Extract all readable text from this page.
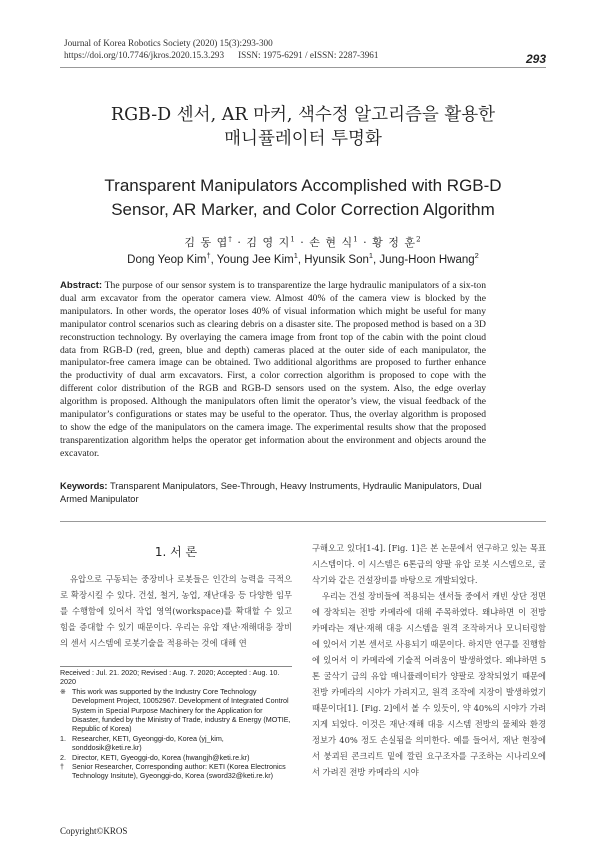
Journal of Korea Robotics Society (2020) 15(3):293-300
https://doi.org/10.7746/jkros.2020.15.3.293 ISSN: 1975-6291 / eISSN: 2287-3961	293
RGB-D 센서, AR 마커, 색수정 알고리즘을 활용한
매니퓰레이터 투명화
Transparent Manipulators Accomplished with RGB-D
Sensor, AR Marker, and Color Correction Algorithm
김 동 엽† · 김 영 지$^1$ · 손 현 식$^1$ · 황 정 훈$^2$
Dong Yeop Kim†, Young Jee Kim$^1$, Hyunsik Son$^1$, Jung-Hoon Hwang$^2$
Abstract: The purpose of our sensor system is to transparentize the large hydraulic manipulators of a six-ton dual arm excavator from the operator camera view. Almost 40% of the camera view is blocked by the manipulators. In other words, the operator loses 40% of visual information which might be useful for many manipulator control scenarios such as clearing debris on a disaster site. The proposed method is based on a 3D reconstruction technology. By overlaying the camera image from front top of the cabin with the point cloud data from RGB-D (red, green, blue and depth) cameras placed at the outer side of each manipulator, the manipulator-free camera image can be obtained. Two additional algorithms are proposed to further enhance the productivity of dual arm excavators. First, a color correction algorithm is proposed to cope with the different color distribution of the RGB and RGB-D sensors used on the system. Also, the edge overlay algorithm is proposed. Although the manipulators often limit the operator’s view, the visual feedback of the manipulator’s configurations or states may be useful to the operator. Thus, the overlay algorithm is proposed to show the edge of the manipulators on the camera image. The experimental results show that the proposed transparentization algorithm helps the operator get information about the environment and objects around the excavator.
Keywords: Transparent Manipulators, See-Through, Heavy Instruments, Hydraulic Manipulators, Dual Armed Manipulator
1. 서 론

유압으로 구동되는 중장비나 로봇들은 인간의 능력을 극적으로 확장시킬 수 있다. 건설, 철거, 농업, 재난대응 등 다양한 임무를 수행함에 있어서 작업 영역(workspace)를 확대할 수 있고 힘을 증대할 수 있기 때문이다. 우리는 유압 재난·재해대응 장비의 센서 시스템에 로봇기술을 적용하는 것에 대해 연

구해오고 있다[1-4]. [Fig. 1]은 본 논문에서 연구하고 있는 목표 시스템이다. 이 시스템은 6톤급의 양팔 유압 로봇 시스템으로, 굴삭기와 같은 건설장비를 바탕으로 개발되었다.

우리는 건설 장비들에 적용되는 센서들 중에서 캐빈 상단 정면에 장착되는 전방 카메라에 대해 주목하였다. 왜냐하면 이 전방 카메라는 재난·재해 대응 시스템을 원격 조작하거나 모니터링함에 있어서 기본 센서로 사용되기 때문이다. 하지만 연구를 진행함에 있어서 이 카메라에 기술적 어려움이 발생하였다. 왜냐하면 5톤 굴삭기 급의 유압 매니퓰레이터가 양팔로 장착되었기 때문에 전방 카메라의 시야가 가려지고, 원격 조작에 지장이 발생하였기 때문이다[1]. [Fig. 2]에서 볼 수 있듯이, 약 40%의 시야가 가려지게 되었다. 이것은 재난·재해 대응 시스템 전방의 물체와 환경정보가 40% 정도 손실됨을 의미한다. 예를 들어서, 재난 현장에서 붕괴된 콘크리트 밑에 깔린 요구조자를 구조하는 시나리오에서 가려진 전방 카메라의 시야

Received : Jul. 21. 2020; Revised : Aug. 7. 2020; Accepted : Aug. 10. 2020
※ This work was supported by the Industry Core Technology Development Project, 10052967. Development of Integrated Control System in Special Purpose Machinery for the Application for Disaster, funded by the Ministry of Trade, industry & Energy (MOTIE, Republic of Korea)
1. Researcher, KETI, Gyeonggi-do, Korea (yj_kim, sonddosik@keti.re.kr)
2. Director, KETI, Gyeoggi-do, Korea (hwangjh@keti.re.kr)
† Senior Researcher, Corresponding author: KETI (Korea Electronics Technology Insitute), Gyeonggi-do, Korea (sword32@keti.re.kr)
Copyright©KROS
